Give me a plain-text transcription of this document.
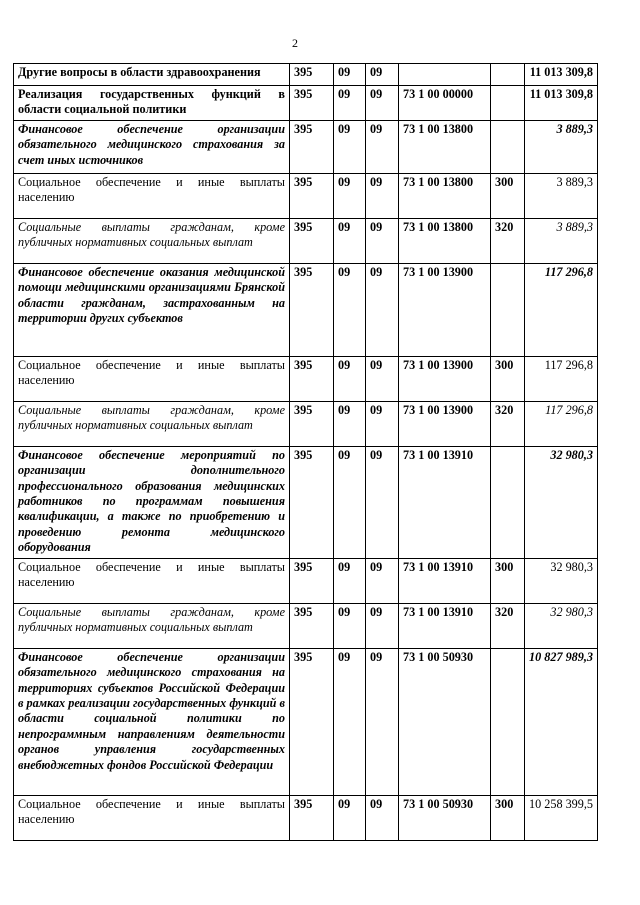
2
Другие вопросы в области здравоохранения	395	09	09			11 013 309,8
Реализация государственных функций в области социальной политики	395	09	09	73 1 00 00000		11 013 309,8
Финансовое обеспечение организации обязательного медицинского страхования за счет иных источников	395	09	09	73 1 00 13800		3 889,3
Социальное обеспечение и иные выплаты населению	395	09	09	73 1 00 13800	300	3 889,3
Социальные выплаты гражданам, кроме публичных нормативных социальных выплат	395	09	09	73 1 00 13800	320	3 889,3
Финансовое обеспечение оказания медицинской помощи медицинскими организациями Брянской области гражданам, застрахованным на территории других субъектов	395	09	09	73 1 00 13900		117 296,8
Социальное обеспечение и иные выплаты населению	395	09	09	73 1 00 13900	300	117 296,8
Социальные выплаты гражданам, кроме публичных нормативных социальных выплат	395	09	09	73 1 00 13900	320	117 296,8
Финансовое обеспечение мероприятий по организации дополнительного профессионального образования медицинских работников по программам повышения квалификации, а также по приобретению и проведению ремонта медицинского оборудования	395	09	09	73 1 00 13910		32 980,3
Социальное обеспечение и иные выплаты населению	395	09	09	73 1 00 13910	300	32 980,3
Социальные выплаты гражданам, кроме публичных нормативных социальных выплат	395	09	09	73 1 00 13910	320	32 980,3
Финансовое обеспечение организации обязательного медицинского страхования на территориях субъектов Российской Федерации в рамках реализации государственных функций в области социальной политики по непрограммным направлениям деятельности органов управления государственных внебюджетных фондов Российской Федерации	395	09	09	73 1 00 50930		10 827 989,3
Социальное обеспечение и иные выплаты населению	395	09	09	73 1 00 50930	300	10 258 399,5
